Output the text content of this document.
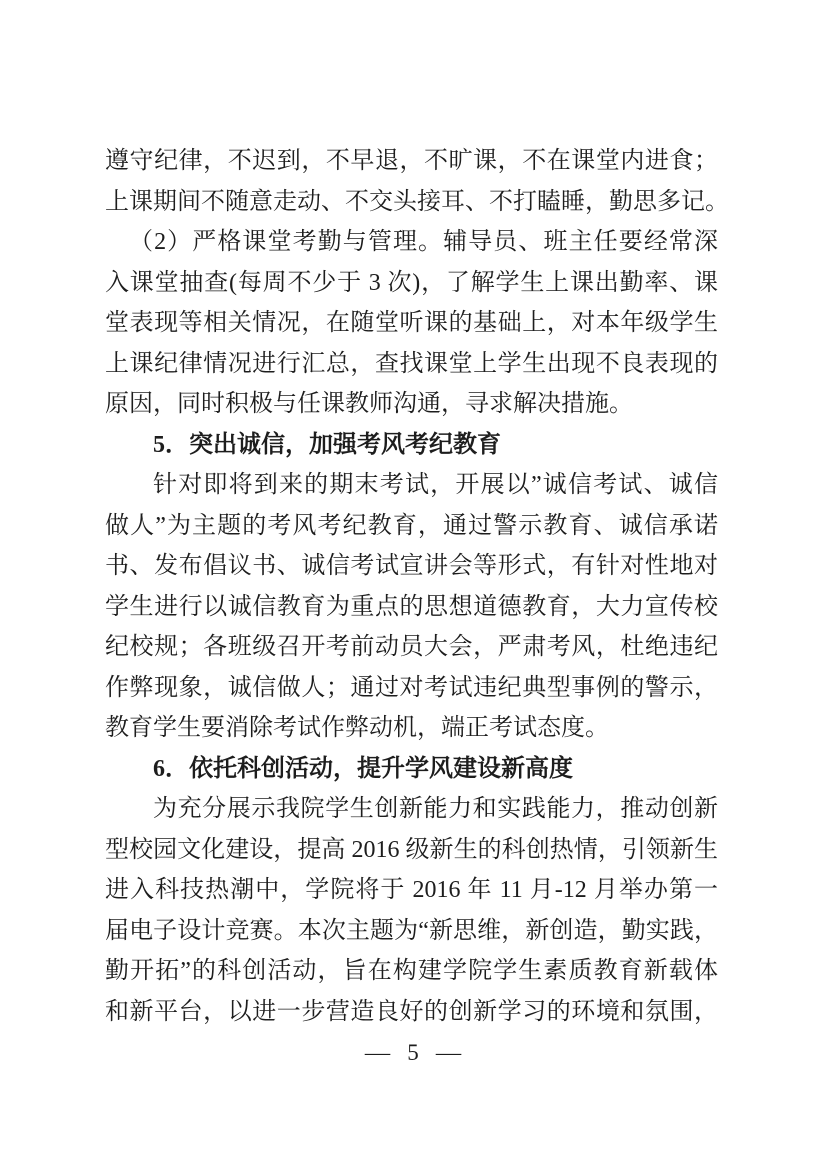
遵守纪律，不迟到，不早退，不旷课，不在课堂内进食；
上课期间不随意走动、不交头接耳、不打瞌睡，勤思多记。
（2）严格课堂考勤与管理。辅导员、班主任要经常深
入课堂抽查(每周不少于 3 次)，了解学生上课出勤率、课
堂表现等相关情况，在随堂听课的基础上，对本年级学生
上课纪律情况进行汇总，查找课堂上学生出现不良表现的
原因，同时积极与任课教师沟通，寻求解决措施。
5．突出诚信，加强考风考纪教育
针对即将到来的期末考试，开展以”诚信考试、诚信
做人”为主题的考风考纪教育，通过警示教育、诚信承诺
书、发布倡议书、诚信考试宣讲会等形式，有针对性地对
学生进行以诚信教育为重点的思想道德教育，大力宣传校
纪校规；各班级召开考前动员大会，严肃考风，杜绝违纪
作弊现象，诚信做人；通过对考试违纪典型事例的警示，
教育学生要消除考试作弊动机，端正考试态度。
6．依托科创活动，提升学风建设新高度
为充分展示我院学生创新能力和实践能力，推动创新
型校园文化建设，提高 2016 级新生的科创热情，引领新生
进入科技热潮中，学院将于 2016 年 11 月-12 月举办第一
届电子设计竞赛。本次主题为“新思维，新创造，勤实践，
勤开拓”的科创活动，旨在构建学院学生素质教育新载体
和新平台，以进一步营造良好的创新学习的环境和氛围，
— 5 —
